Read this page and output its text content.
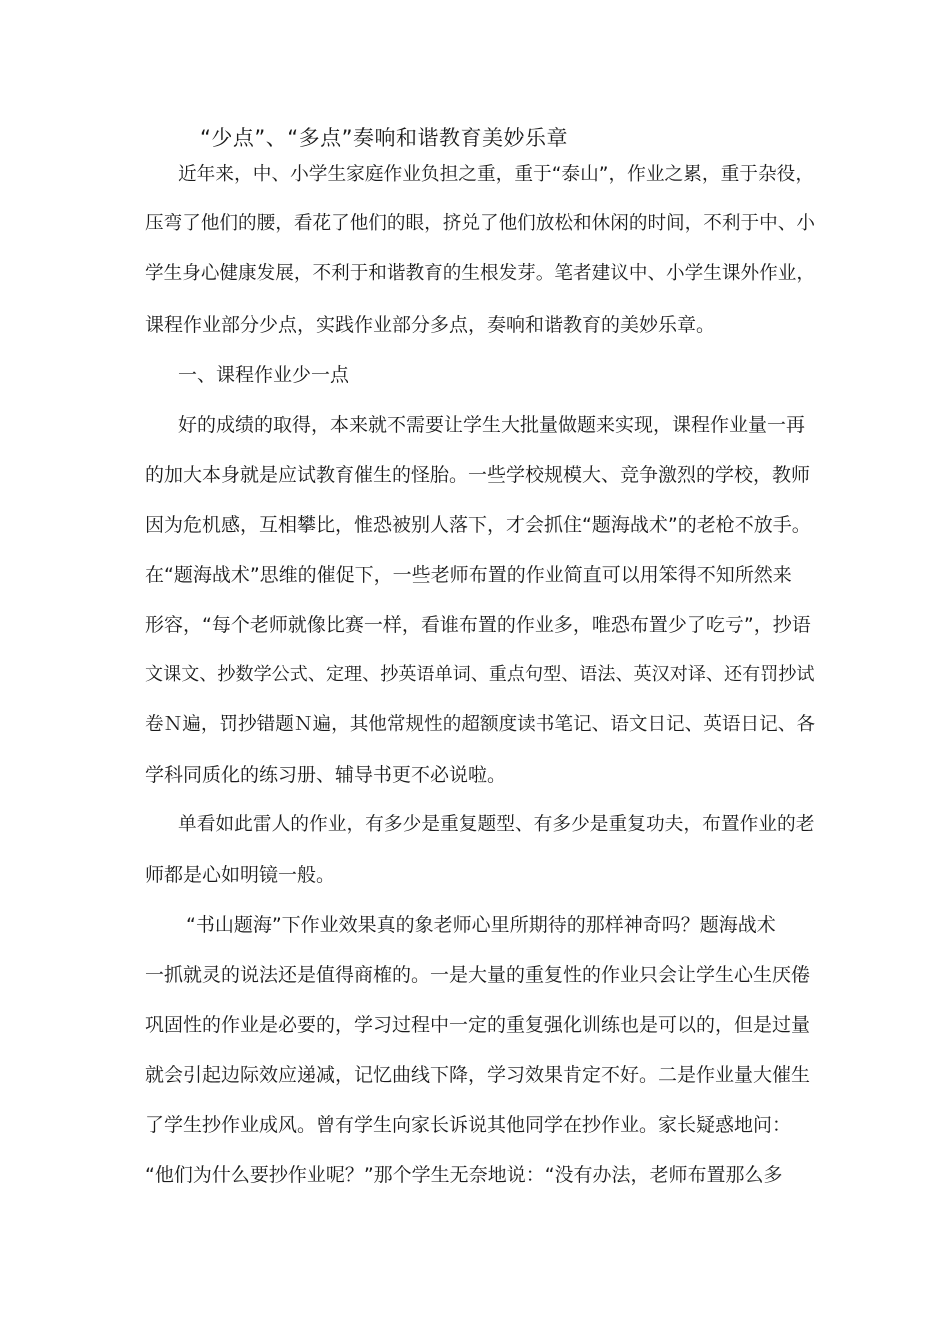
“少点”、“多点”奏响和谐教育美妙乐章
近年来，中、小学生家庭作业负担之重，重于“泰山”，作业之累，重于杂役，
压弯了他们的腰，看花了他们的眼，挤兑了他们放松和休闲的时间，不利于中、小
学生身心健康发展，不利于和谐教育的生根发芽。笔者建议中、小学生课外作业，
课程作业部分少点，实践作业部分多点，奏响和谐教育的美妙乐章。
一、课程作业少一点
好的成绩的取得，本来就不需要让学生大批量做题来实现，课程作业量一再
的加大本身就是应试教育催生的怪胎。一些学校规模大、竞争激烈的学校，教师
因为危机感，互相攀比，惟恐被别人落下，才会抓住“题海战术”的老枪不放手。
在“题海战术”思维的催促下，一些老师布置的作业简直可以用笨得不知所然来
形容，“每个老师就像比赛一样，看谁布置的作业多，唯恐布置少了吃亏”，抄语
文课文、抄数学公式、定理、抄英语单词、重点句型、语法、英汉对译、还有罚抄试
卷Ｎ遍，罚抄错题Ｎ遍，其他常规性的超额度读书笔记、语文日记、英语日记、各
学科同质化的练习册、辅导书更不必说啦。
单看如此雷人的作业，有多少是重复题型、有多少是重复功夫，布置作业的老
师都是心如明镜一般。
“书山题海”下作业效果真的象老师心里所期待的那样神奇吗？题海战术
一抓就灵的说法还是值得商榷的。一是大量的重复性的作业只会让学生心生厌倦
巩固性的作业是必要的，学习过程中一定的重复强化训练也是可以的，但是过量
就会引起边际效应递减，记忆曲线下降，学习效果肯定不好。二是作业量大催生
了学生抄作业成风。曾有学生向家长诉说其他同学在抄作业。家长疑惑地问：
“他们为什么要抄作业呢？”那个学生无奈地说：“没有办法，老师布置那么多
